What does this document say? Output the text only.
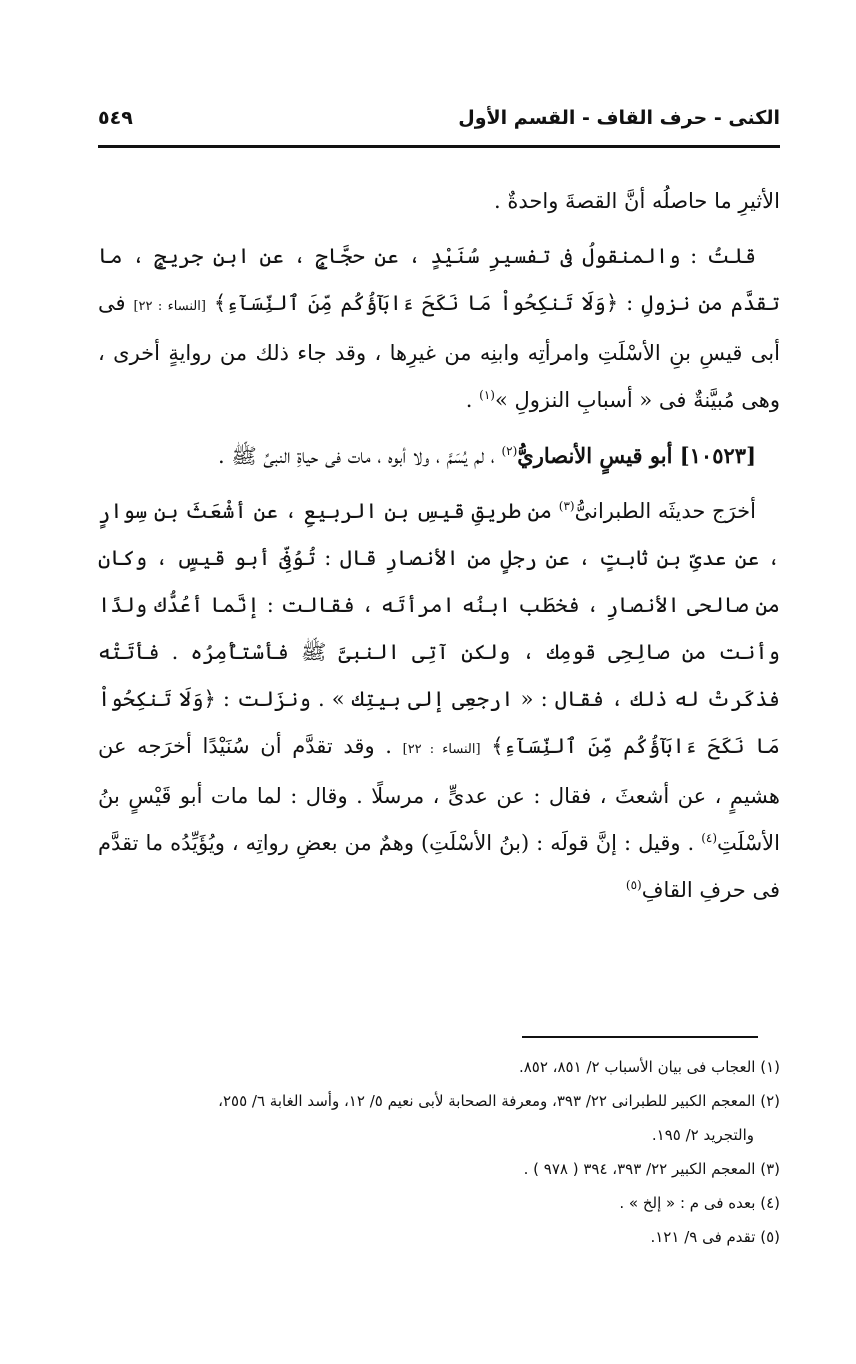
الكنى - حرف القاف - القسم الأول
٥٤٩

الأثيرِ ما حاصلُه أنَّ القصةَ واحدةٌ .

قلتُ : والمنقولُ فى تفسيرِ سُنَيْدٍ ، عن حجَّاجٍ ، عن ابنِ جريجٍ ، ما تقدَّم من نزولِ : ﴿وَلَا تَنكِحُواْ مَا نَكَحَ ءَابَآؤُكُم مِّنَ ٱلنِّسَآءِ﴾ [النساء : ٢٢] فى أبى قيسِ بنِ الأسْلَتِ وامرأتِه وابنِه من غيرِها ، وقد جاء ذلك من روايةٍ أخرى ، وهى مُبيَّنةٌ فى « أسبابِ النزولِ »$^{(١)}$ .

[١٠٥٢٣] أبو قيسٍ الأنصاريُّ$^{(٢)}$ ، لم يُسَمَّ ، ولا أبوه ، مات فى حياةِ النبىِّ ﷺ .

أخرَج حديثَه الطبرانىُّ$^{(٣)}$ من طريقِ قيسِ بنِ الربيعِ ، عن أشْعَثَ بنِ سِوارٍ ، عن عدىِّ بنِ ثابتٍ ، عن رجلٍ من الأنصارِ قال : تُوُفِّىَ أبو قيسٍ ، وكان من صالحى الأنصارِ ، فخطَب ابنُه امرأتَه ، فقالت : إنَّما أعُدُّك ولدًا وأنت من صالِحِى قومِك ، ولكن آتِى النبىَّ ﷺ فأسْتأْمِرُه . فأتَتْه فذكَرتْ له ذلك ، فقال : « ارجعِى إلى بيتِك » . ونزَلت : ﴿وَلَا تَنكِحُواْ مَا نَكَحَ ءَابَآؤُكُم مِّنَ ٱلنِّسَآءِ﴾ [النساء : ٢٢] . وقد تقدَّم أن سُنَيْدًا أخرَجه عن هشيمٍ ، عن أشعثَ ، فقال : عن عدىٍّ ، مرسلًا . وقال : لما مات أبو قَيْسٍ بنُ الأسْلَتِ$^{(٤)}$ . وقيل : إنَّ قولَه : (بنُ الأسْلَتِ) وهمٌ من بعضِ رواتِه ، ويُؤَيِّدُه ما تقدَّم فى حرفِ القافِ$^{(٥)}$

(١) العجاب فى بيان الأسباب ٢/ ٨٥١، ٨٥٢.
(٢) المعجم الكبير للطبرانى ٢٢/ ٣٩٣، ومعرفة الصحابة لأبى نعيم ٥/ ١٢، وأسد الغابة ٦/ ٢٥٥،
والتجريد ٢/ ١٩٥.
(٣) المعجم الكبير ٢٢/ ٣٩٣، ٣٩٤ ( ٩٧٨ ) .
(٤) بعده فى م : « إلخ » .
(٥) تقدم فى ٩/ ١٢١.
